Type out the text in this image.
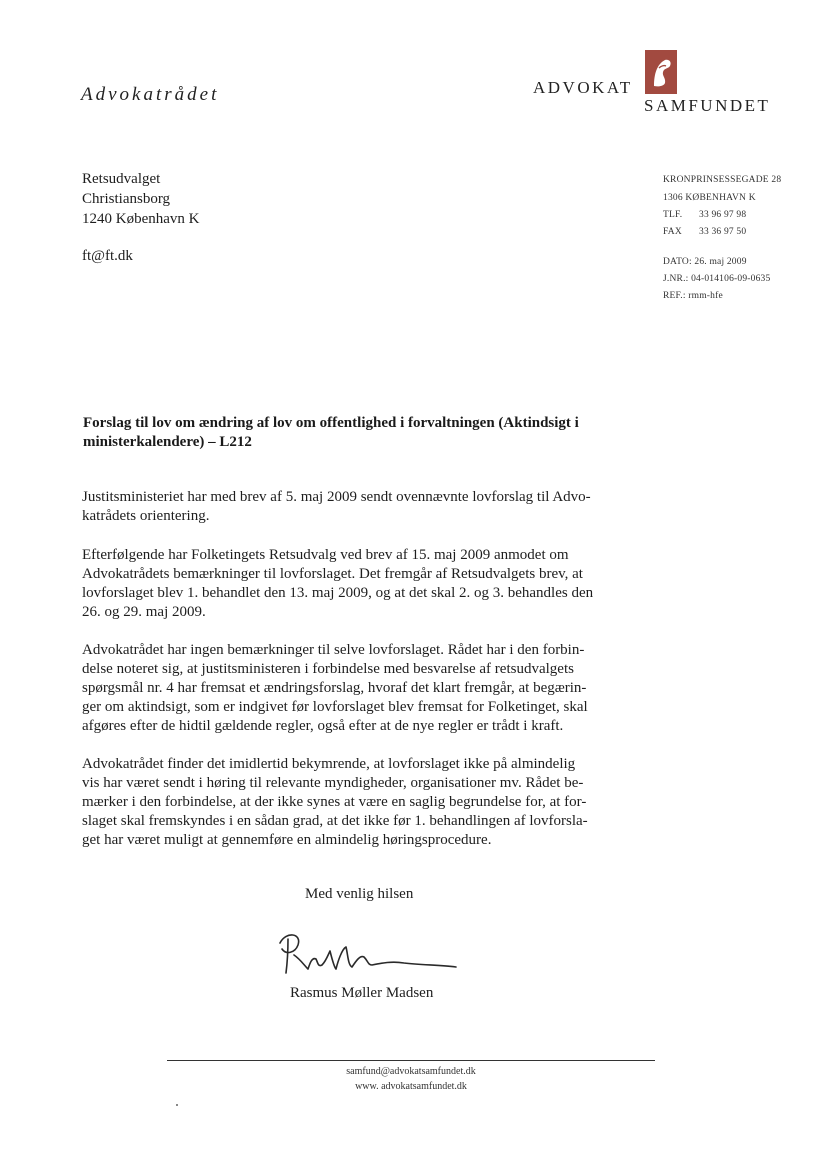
Advokatrådet	ADVOKAT
SAMFUNDET
Retsudvalget
Christiansborg
1240 København K
ft@ft.dk
KRONPRINSESSEGADE 28
1306 KØBENHAVN K
TLF. 33 96 97 98
FAX 33 36 97 50
DATO: 26. maj 2009
J.NR.: 04-014106-09-0635
REF.: rmm-hfe
Forslag til lov om ændring af lov om offentlighed i forvaltningen (Aktindsigt i
ministerkalendere) – L212
Justitsministeriet har med brev af 5. maj 2009 sendt ovennævnte lovforslag til Advo-
katrådets orientering.
Efterfølgende har Folketingets Retsudvalg ved brev af 15. maj 2009 anmodet om
Advokatrådets bemærkninger til lovforslaget. Det fremgår af Retsudvalgets brev, at
lovforslaget blev 1. behandlet den 13. maj 2009, og at det skal 2. og 3. behandles den
26. og 29. maj 2009.
Advokatrådet har ingen bemærkninger til selve lovforslaget. Rådet har i den forbin-
delse noteret sig, at justitsministeren i forbindelse med besvarelse af retsudvalgets
spørgsmål nr. 4 har fremsat et ændringsforslag, hvoraf det klart fremgår, at begærin-
ger om aktindsigt, som er indgivet før lovforslaget blev fremsat for Folketinget, skal
afgøres efter de hidtil gældende regler, også efter at de nye regler er trådt i kraft.
Advokatrådet finder det imidlertid bekymrende, at lovforslaget ikke på almindelig
vis har været sendt i høring til relevante myndigheder, organisationer mv. Rådet be-
mærker i den forbindelse, at der ikke synes at være en saglig begrundelse for, at for-
slaget skal fremskyndes i en sådan grad, at det ikke før 1. behandlingen af lovforsla-
get har været muligt at gennemføre en almindelig høringsprocedure.
Med venlig hilsen
Rasmus Møller Madsen
samfund@advokatsamfundet.dk
www. advokatsamfundet.dk
